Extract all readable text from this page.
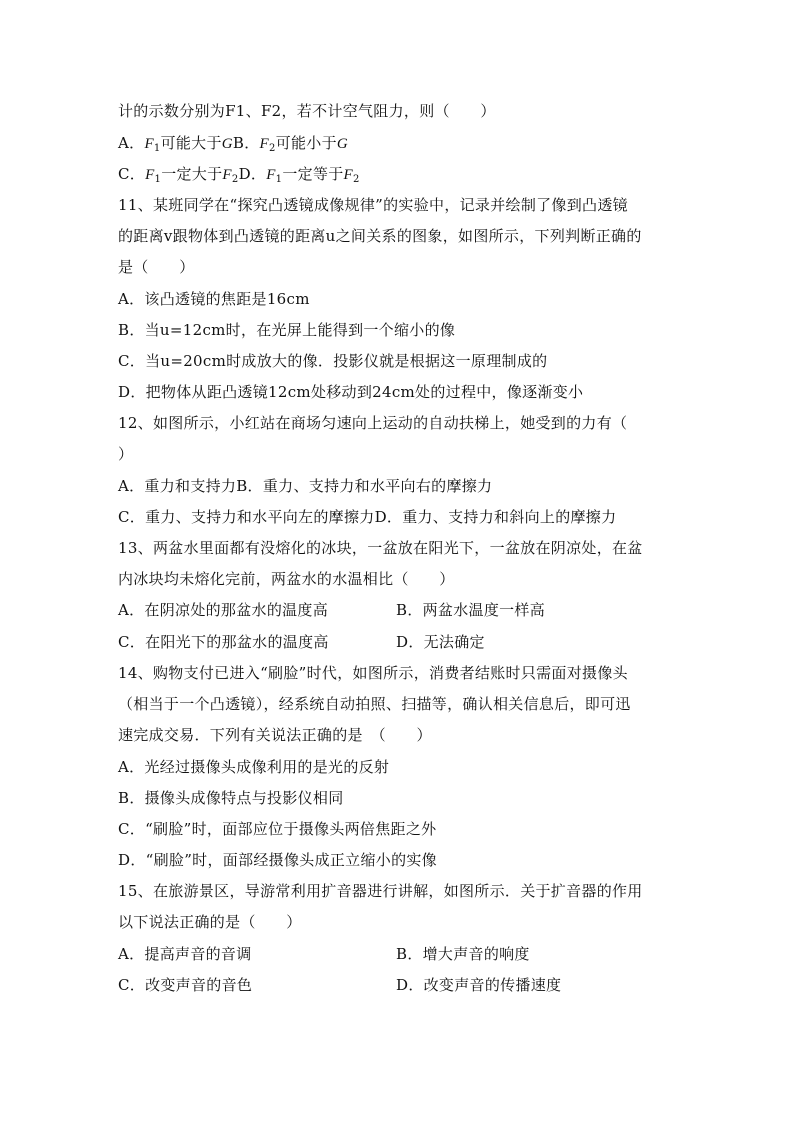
计的示数分别为F1、F2，若不计空气阻力，则（　　）
A．$F_1$可能大于GB．$F_2$可能小于G
C．$F_1$一定大于$F_2D$．$F_1$一定等于$F_2$
11、某班同学在“探究凸透镜成像规律”的实验中，记录并绘制了像到凸透镜
的距离v跟物体到凸透镜的距离u之间关系的图象，如图所示，下列判断正确的
是（　　）
A．该凸透镜的焦距是16cm
B．当u=12cm时，在光屏上能得到一个缩小的像
C．当u=20cm时成放大的像．投影仪就是根据这一原理制成的
D．把物体从距凸透镜12cm处移动到24cm处的过程中，像逐渐变小
12、如图所示，小红站在商场匀速向上运动的自动扶梯上，她受到的力有（
）
A．重力和支持力B．重力、支持力和水平向右的摩擦力
C．重力、支持力和水平向左的摩擦力D．重力、支持力和斜向上的摩擦力
13、两盆水里面都有没熔化的冰块，一盆放在阳光下，一盆放在阴凉处，在盆
内冰块均未熔化完前，两盆水的水温相比（　　）
A．在阴凉处的那盆水的温度高	B．两盆水温度一样高
C．在阳光下的那盆水的温度高	D．无法确定
14、购物支付已进入“刷脸”时代，如图所示，消费者结账时只需面对摄像头
（相当于一个凸透镜），经系统自动拍照、扫描等，确认相关信息后，即可迅
速完成交易．下列有关说法正确的是　（　　）
A．光经过摄像头成像利用的是光的反射
B．摄像头成像特点与投影仪相同
C．“刷脸”时，面部应位于摄像头两倍焦距之外
D．“刷脸”时，面部经摄像头成正立缩小的实像
15、在旅游景区，导游常利用扩音器进行讲解，如图所示．关于扩音器的作用
以下说法正确的是（　　）
A．提高声音的音调	B．增大声音的响度
C．改变声音的音色	D．改变声音的传播速度
